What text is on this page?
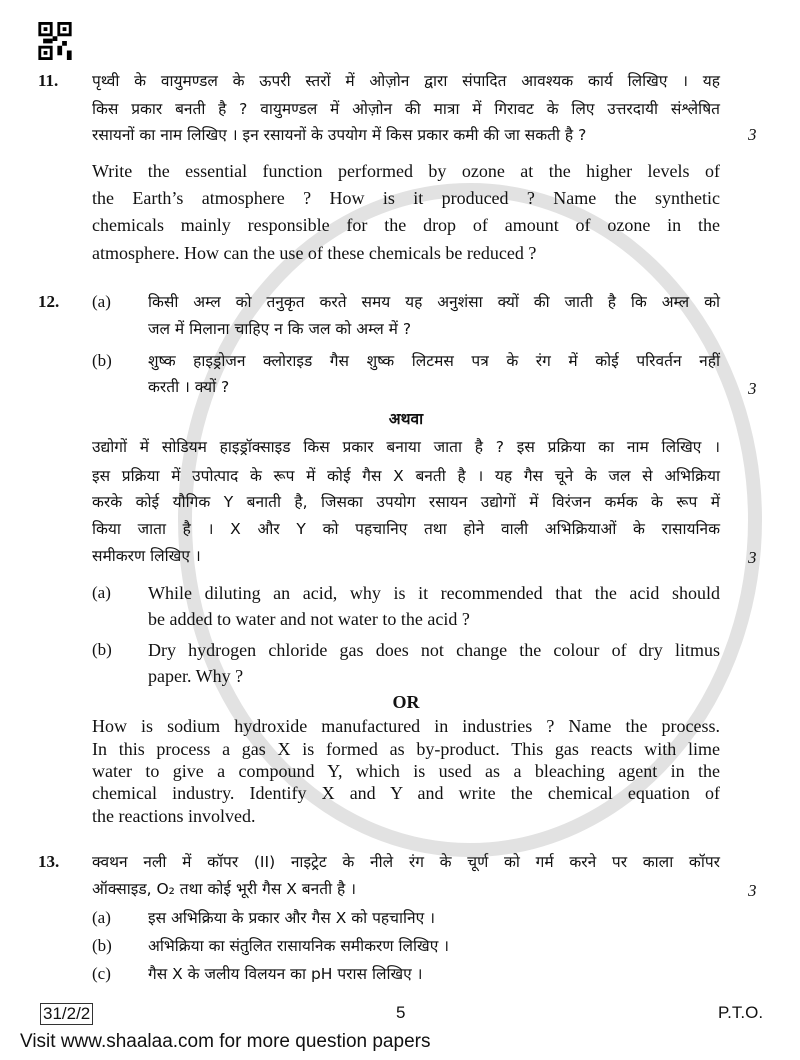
11. पृथ्वी के वायुमण्डल के ऊपरी स्तरों में ओज़ोन द्वारा संपादित आवश्यक कार्य लिखिए । यह
किस प्रकार बनती है ? वायुमण्डल में ओज़ोन की मात्रा में गिरावट के लिए उत्तरदायी संश्लेषित
रसायनों का नाम लिखिए । इन रसायनों के उपयोग में किस प्रकार कमी की जा सकती है ?	3
Write the essential function performed by ozone at the higher levels of
the Earth’s atmosphere ? How is it produced ? Name the synthetic
chemicals mainly responsible for the drop of amount of ozone in the
atmosphere. How can the use of these chemicals be reduced ?
12. (a) किसी अम्ल को तनुकृत करते समय यह अनुशंसा क्यों की जाती है कि अम्ल को
जल में मिलाना चाहिए न कि जल को अम्ल में ?
(b) शुष्क हाइड्रोजन क्लोराइड गैस शुष्क लिटमस पत्र के रंग में कोई परिवर्तन नहीं
करती । क्यों ?	3
अथवा
उद्योगों में सोडियम हाइड्रॉक्साइड किस प्रकार बनाया जाता है ? इस प्रक्रिया का नाम लिखिए ।
इस प्रक्रिया में उपोत्पाद के रूप में कोई गैस X बनती है । यह गैस चूने के जल से अभिक्रिया
करके कोई यौगिक Y बनाती है, जिसका उपयोग रसायन उद्योगों में विरंजन कर्मक के रूप में
किया जाता है । X और Y को पहचानिए तथा होने वाली अभिक्रियाओं के रासायनिक
समीकरण लिखिए ।	3
(a) While diluting an acid, why is it recommended that the acid should
be added to water and not water to the acid ?
(b) Dry hydrogen chloride gas does not change the colour of dry litmus
paper. Why ?
OR
How is sodium hydroxide manufactured in industries ? Name the process.
In this process a gas X is formed as by-product. This gas reacts with lime
water to give a compound Y, which is used as a bleaching agent in the
chemical industry. Identify X and Y and write the chemical equation of
the reactions involved.
13. क्वथन नली में कॉपर (II) नाइट्रेट के नीले रंग के चूर्ण को गर्म करने पर काला कॉपर
ऑक्साइड, O₂ तथा कोई भूरी गैस X बनती है ।	3
(a) इस अभिक्रिया के प्रकार और गैस X को पहचानिए ।
(b) अभिक्रिया का संतुलित रासायनिक समीकरण लिखिए ।
(c) गैस X के जलीय विलयन का pH परास लिखिए ।
31/2/2	5	P.T.O.
Visit www.shaalaa.com for more question papers
